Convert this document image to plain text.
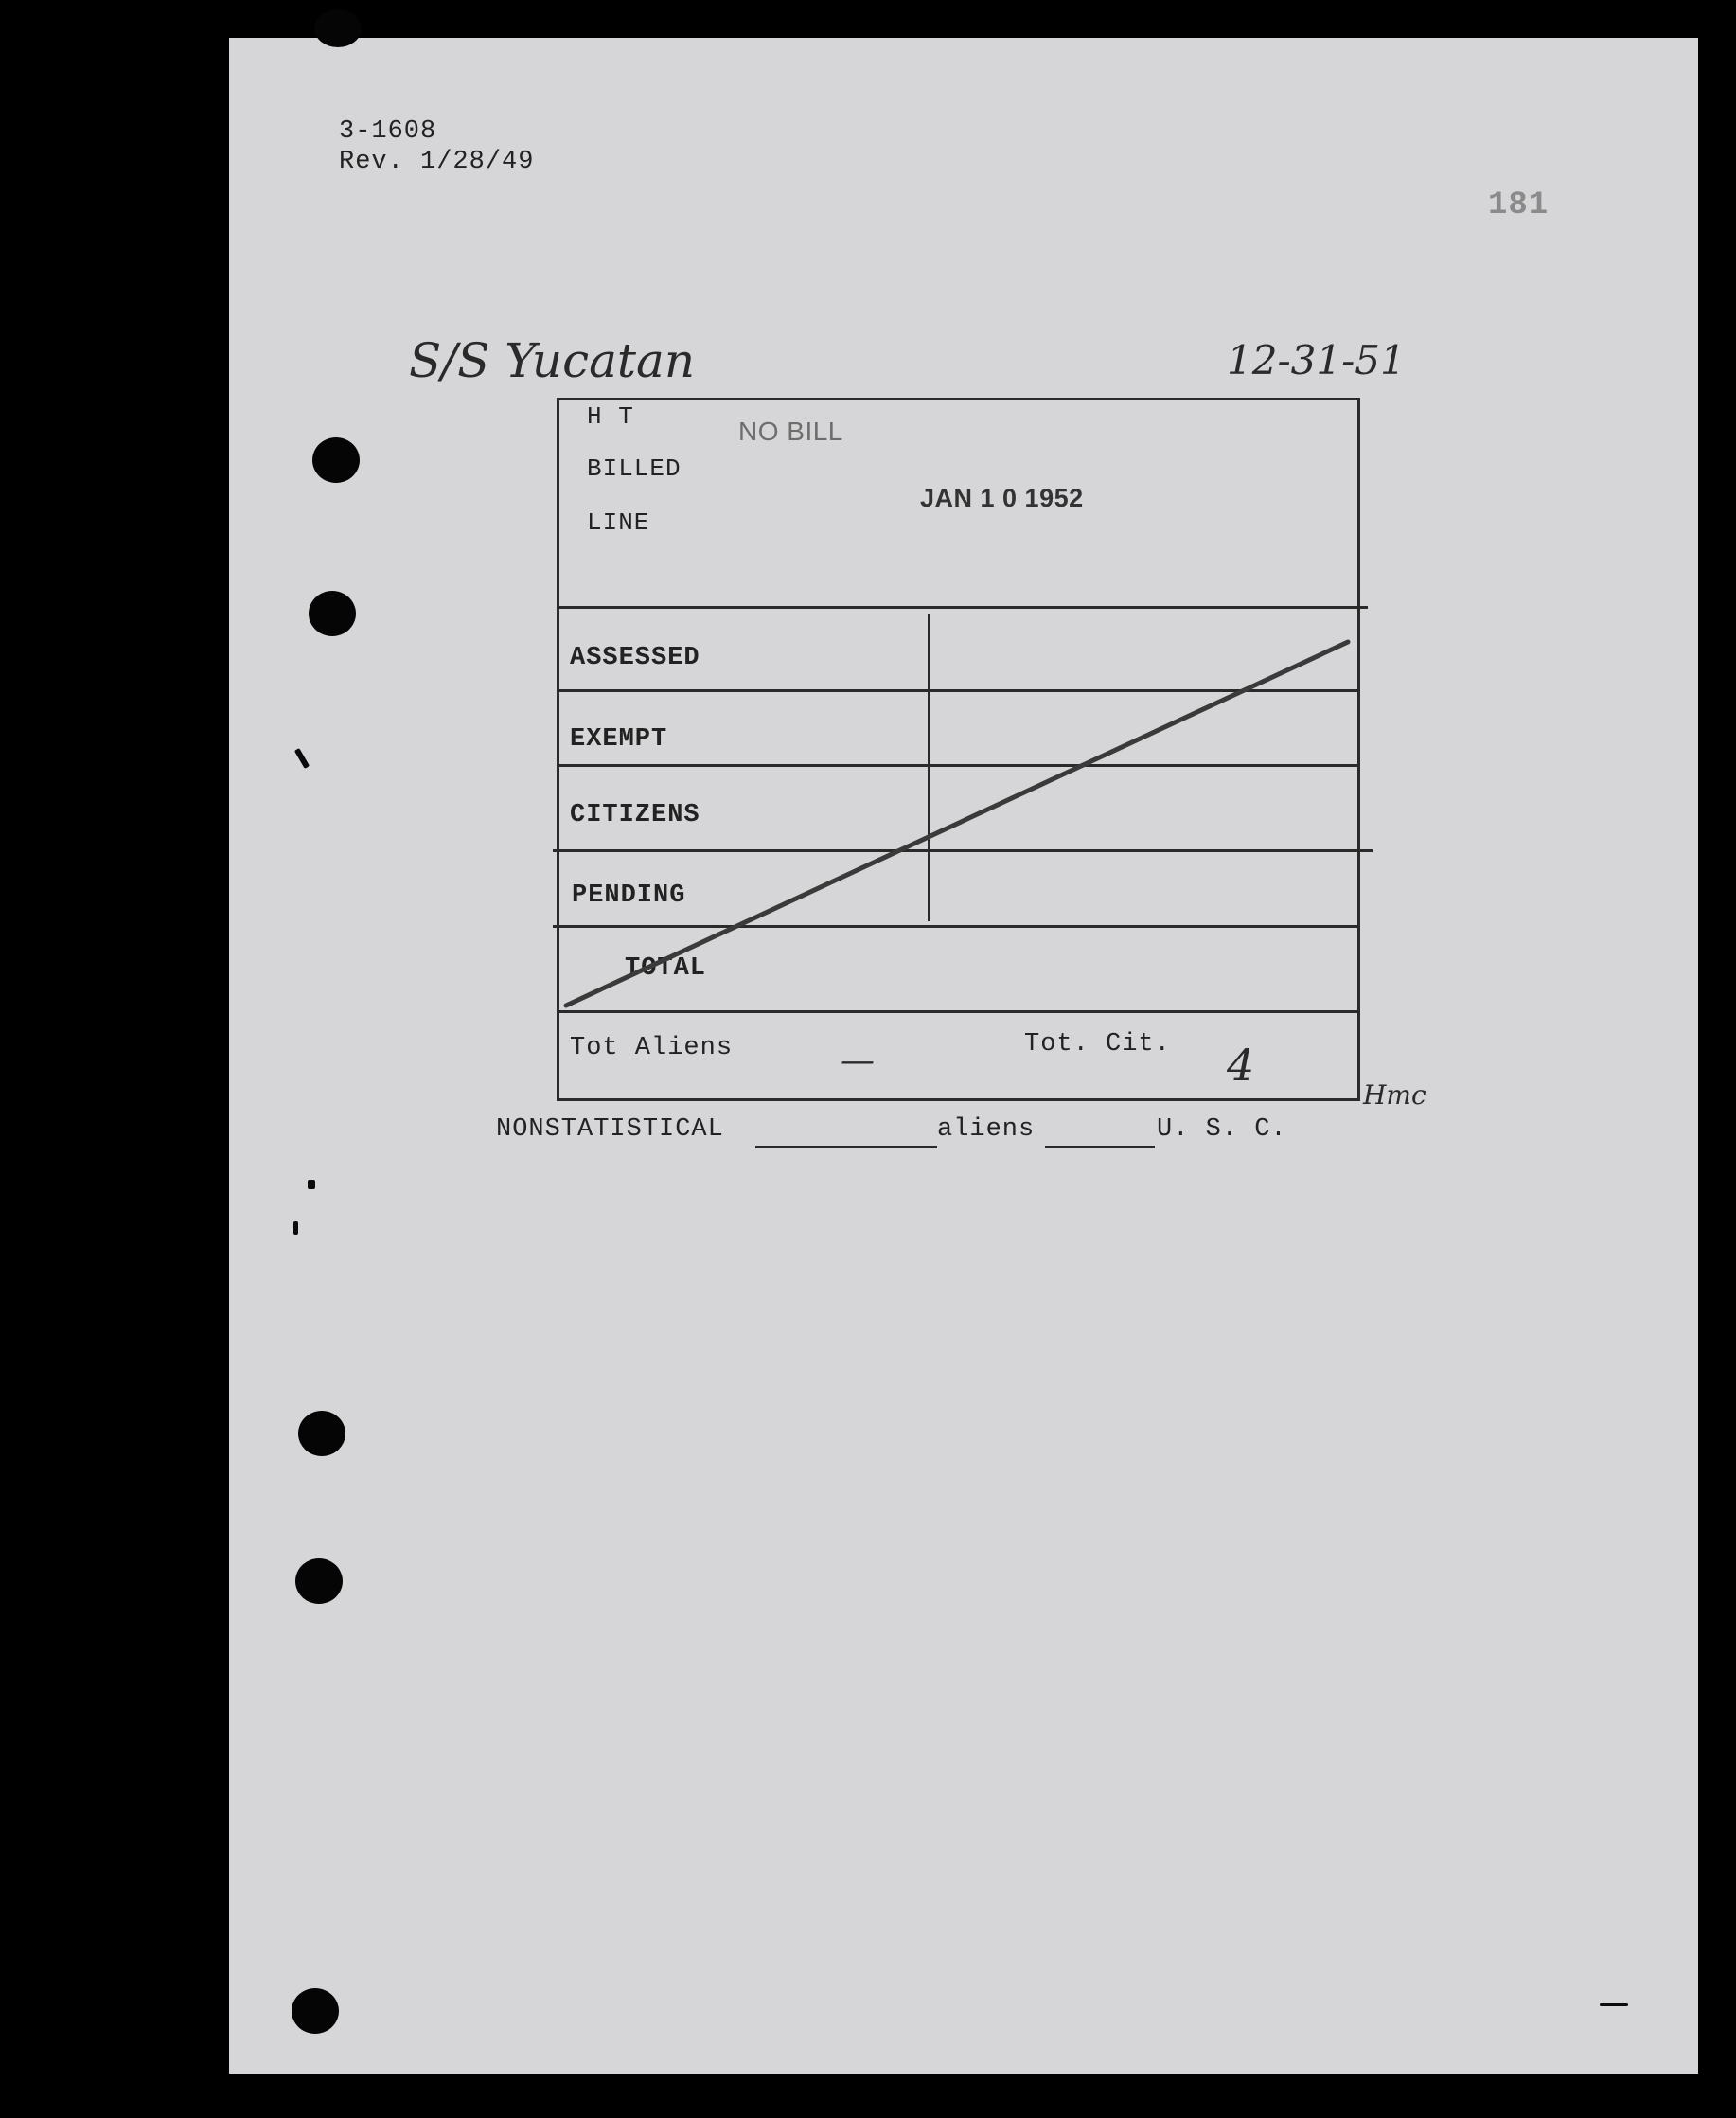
3-1608
Rev. 1/28/49
181
S/S Yucatan	12-31-51
H T
BILLED
LINE
NO BILL
JAN 1 0 1952
ASSESSED
EXEMPT
CITIZENS
PENDING
TOTAL
Tot Aliens	—	Tot. Cit. 4
Hmc
NONSTATISTICAL	aliens	U. S. C.
